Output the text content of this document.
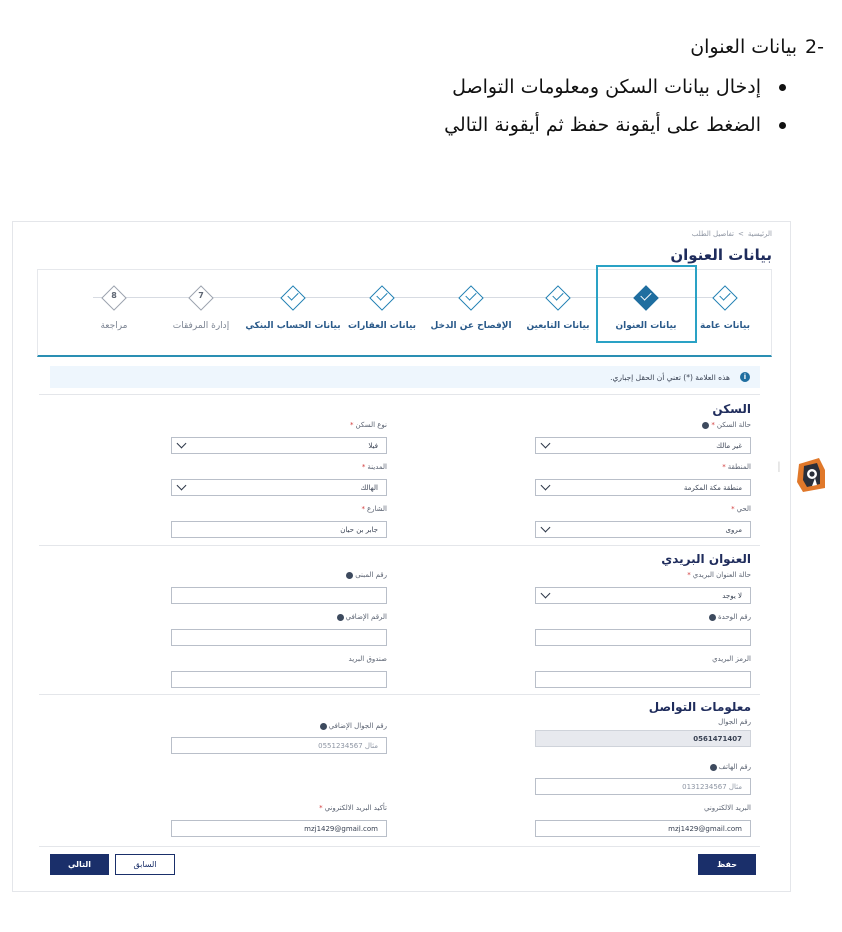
-2
بيانات العنوان
إدخال بيانات السكن ومعلومات التواصل
الضغط على أيقونة حفظ ثم أيقونة التالي
الرئيسية
>
تفاصيل الطلب
بيانات العنوان
بيانات عامة
بيانات العنوان
بيانات التابعين
الإفصاح عن الدخل
بيانات العقارات
بيانات الحساب البنكي
7
إدارة المرفقات
8
مراجعة
i
هذه العلامة (*) تعني أن الحقل إجباري.
السكن
حالة السكن
*
غير مالك
نوع السكن
*
فيلا
المنطقة
*
منطقة مكة المكرمة
المدينة
*
الهالك
الحي
*
مروى
الشارع
*
جابر بن حيان
العنوان البريدي
حالة العنوان البريدي
*
لا يوجد
رقم المبنى
رقم الوحدة
الرقم الإضافي
الرمز البريدي
صندوق البريد
معلومات التواصل
رقم الجوال
0561471407
رقم الجوال الإضافي
مثال 0551234567
رقم الهاتف
مثال 0131234567
البريد الالكتروني
mzj1429@gmail.com
تأكيد البريد الالكتروني
*
mzj1429@gmail.com
حفظ
السابق
التالي
ا
